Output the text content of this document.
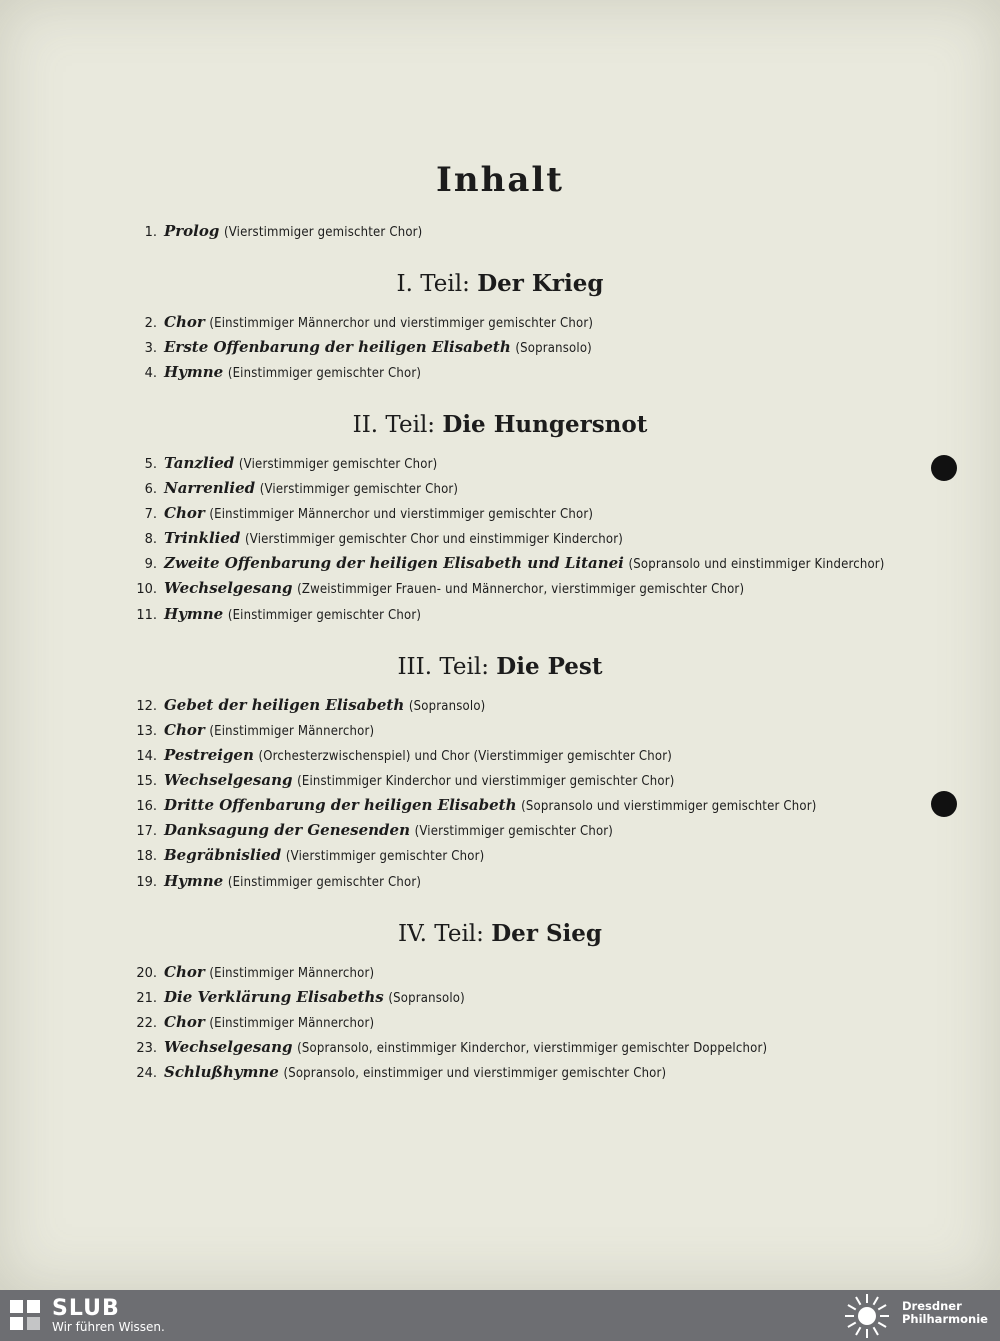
Inhalt
1. Prolog (Vierstimmiger gemischter Chor)
I. Teil: Der Krieg
2. Chor (Einstimmiger Männerchor und vierstimmiger gemischter Chor)
3. Erste Offenbarung der heiligen Elisabeth (Sopransolo)
4. Hymne (Einstimmiger gemischter Chor)
II. Teil: Die Hungersnot
5. Tanzlied (Vierstimmiger gemischter Chor)
6. Narrenlied (Vierstimmiger gemischter Chor)
7. Chor (Einstimmiger Männerchor und vierstimmiger gemischter Chor)
8. Trinklied (Vierstimmiger gemischter Chor und einstimmiger Kinderchor)
9. Zweite Offenbarung der heiligen Elisabeth und Litanei (Sopransolo und einstimmiger Kinderchor)
10. Wechselgesang (Zweistimmiger Frauen- und Männerchor, vierstimmiger gemischter Chor)
11. Hymne (Einstimmiger gemischter Chor)
III. Teil: Die Pest
12. Gebet der heiligen Elisabeth (Sopransolo)
13. Chor (Einstimmiger Männerchor)
14. Pestreigen (Orchesterzwischenspiel) und Chor (Vierstimmiger gemischter Chor)
15. Wechselgesang (Einstimmiger Kinderchor und vierstimmiger gemischter Chor)
16. Dritte Offenbarung der heiligen Elisabeth (Sopransolo und vierstimmiger gemischter Chor)
17. Danksagung der Genesenden (Vierstimmiger gemischter Chor)
18. Begräbnislied (Vierstimmiger gemischter Chor)
19. Hymne (Einstimmiger gemischter Chor)
IV. Teil: Der Sieg
20. Chor (Einstimmiger Männerchor)
21. Die Verklärung Elisabeths (Sopransolo)
22. Chor (Einstimmiger Männerchor)
23. Wechselgesang (Sopransolo, einstimmiger Kinderchor, vierstimmiger gemischter Doppelchor)
24. Schlußhymne (Sopransolo, einstimmiger und vierstimmiger gemischter Chor)
SLUB
Wir führen Wissen.
Dresdner
Philharmonie
